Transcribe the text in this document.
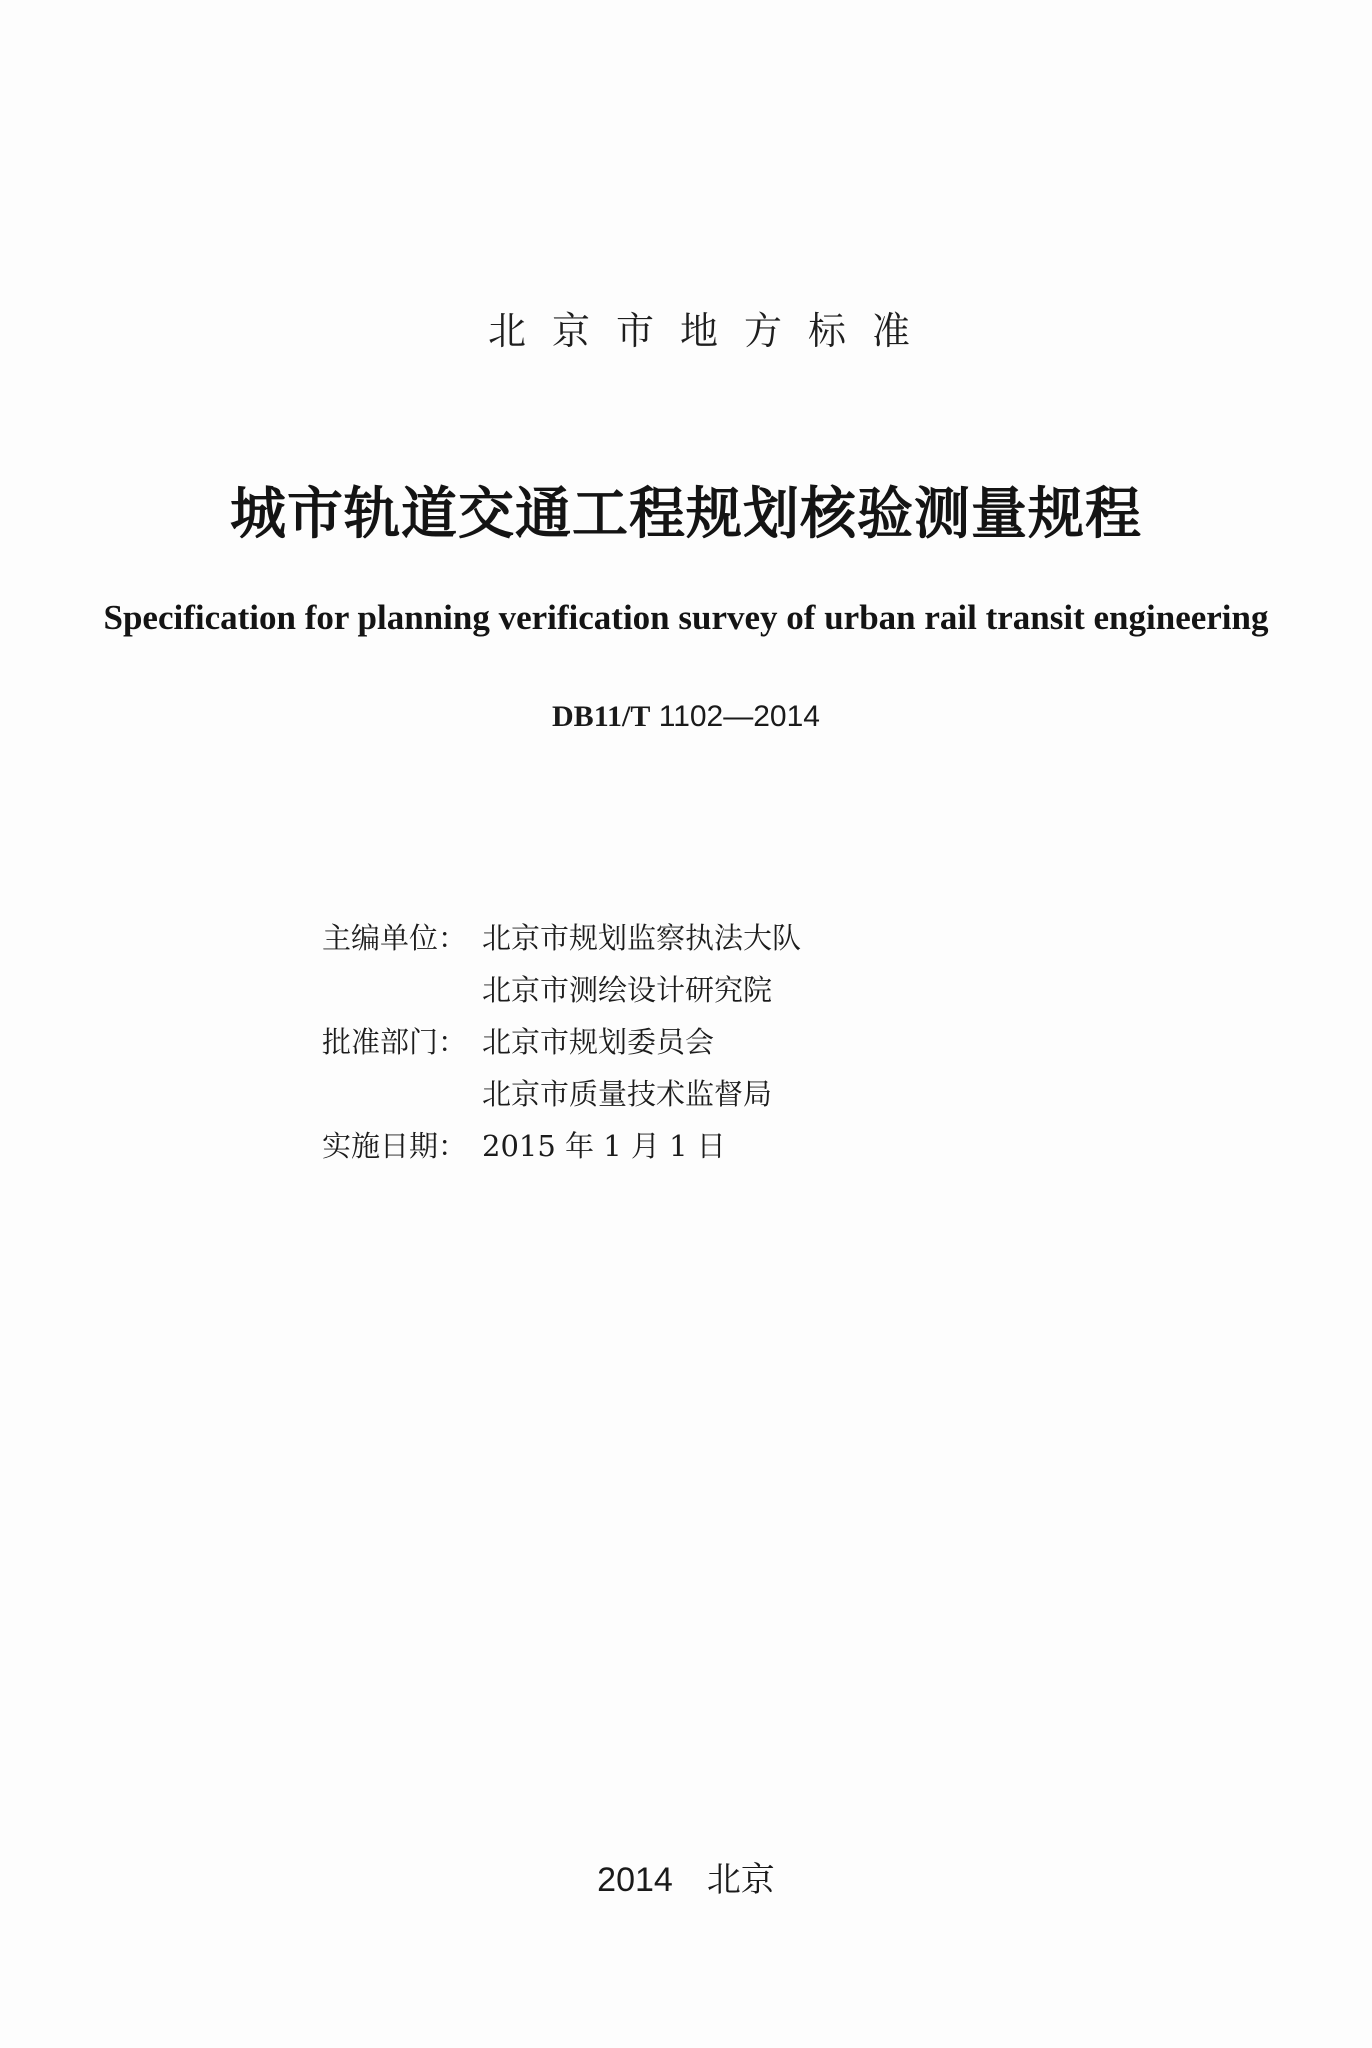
北京市地方标准
城市轨道交通工程规划核验测量规程
Specification for planning verification survey of urban rail transit engineering
DB11/T 1102—2014
主编单位： 北京市规划监察执法大队
北京市测绘设计研究院
批准部门： 北京市规划委员会
北京市质量技术监督局
实施日期： 2015 年 1 月 1 日
2014 北京
